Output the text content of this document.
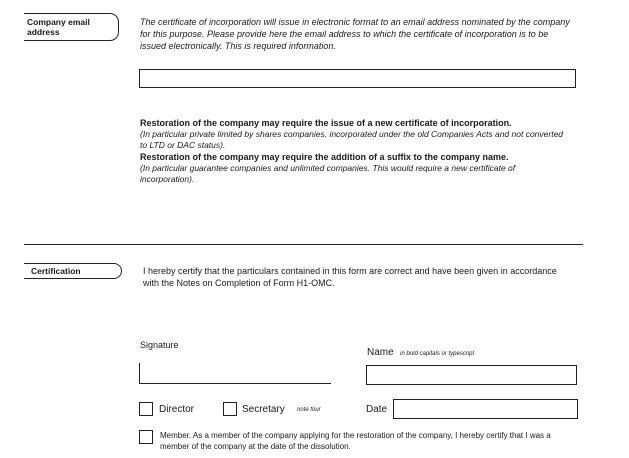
Company email
address
The certificate of incorporation will issue in electronic format to an email address nominated by the company for this purpose. Please provide here the email address to which the certificate of incorporation is to be issued electronically. This is required information.
Restoration of the company may require the issue of a new certificate of incorporation.
(In particular private limited by shares companies, incorporated under the old Companies Acts and not converted to LTD or DAC status).
Restoration of the company may require the addition of a suffix to the company name.
(In particular guarantee companies and unlimited companies. This would require a new certificate of incorporation).
Certification	I hereby certify that the particulars contained in this form are correct and have been given in accordance with the Notes on Completion of Form H1-OMC.
Signature
Name in bold capitals or typescript
Director	Secretary note four	Date
Member. As a member of the company applying for the restoration of the company, I hereby certify that I was a member of the company at the date of the dissolution.
